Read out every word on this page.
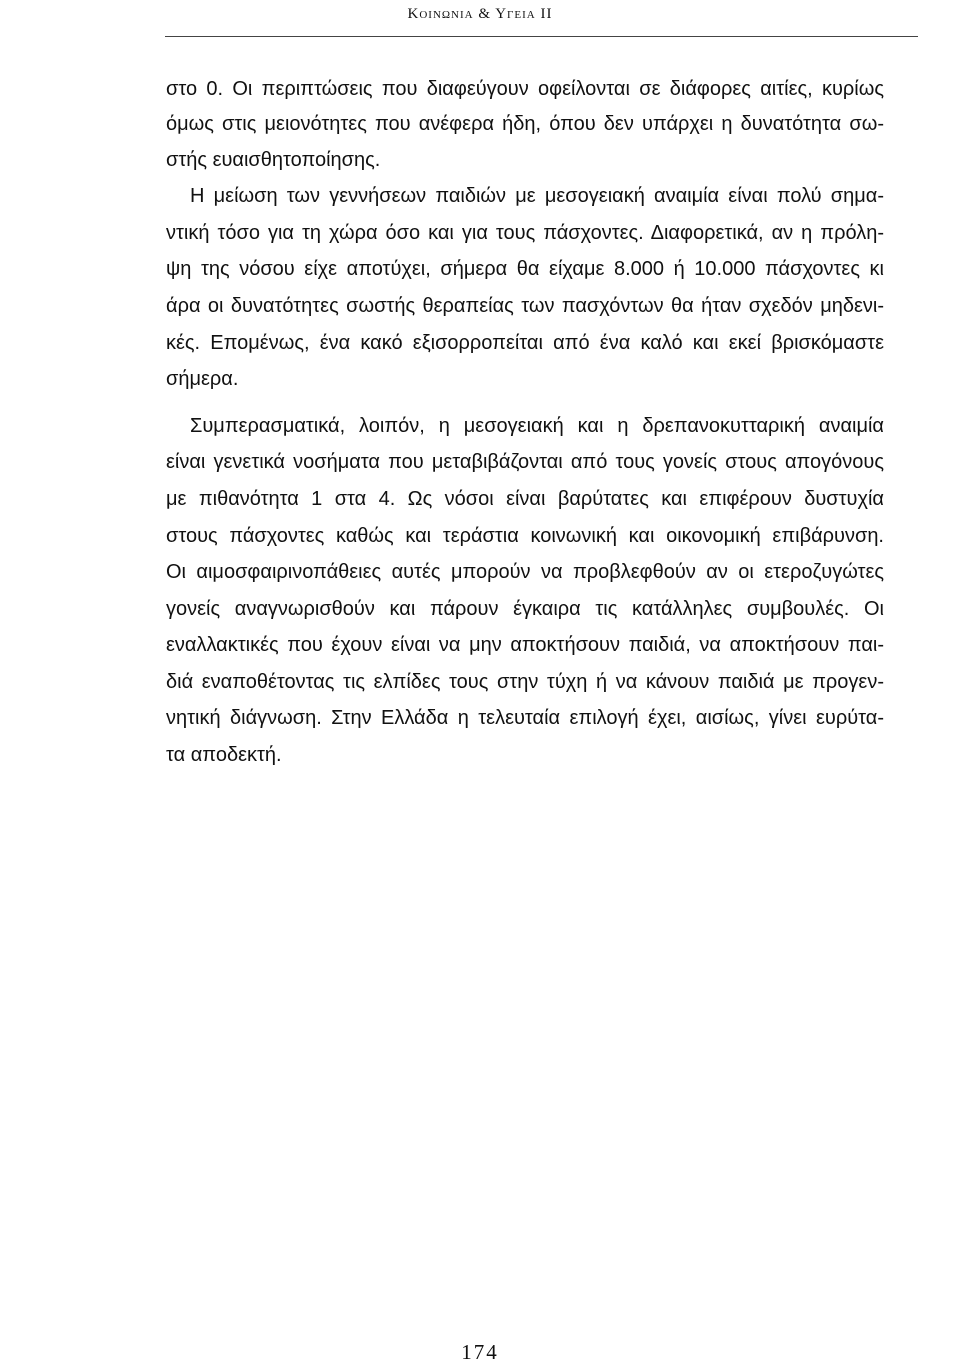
Κοινωνια & Υγεια ΙΙ
στο 0. Οι περιπτώσεις που διαφεύγουν οφείλονται σε διάφορες αιτίες, κυρίως
όμως στις μειονότητες που ανέφερα ήδη, όπου δεν υπάρχει η δυνατότητα σω-
στής ευαισθητοποίησης.
Η μείωση των γεννήσεων παιδιών με μεσογειακή αναιμία είναι πολύ σημα-
ντική τόσο για τη χώρα όσο και για τους πάσχοντες. Διαφορετικά, αν η πρόλη-
ψη της νόσου είχε αποτύχει, σήμερα θα είχαμε 8.000 ή 10.000 πάσχοντες κι
άρα οι δυνατότητες σωστής θεραπείας των πασχόντων θα ήταν σχεδόν μηδενι-
κές. Επομένως, ένα κακό εξισορροπείται από ένα καλό και εκεί βρισκόμαστε
σήμερα.
Συμπερασματικά, λοιπόν, η μεσογειακή και η δρεπανοκυτταρική αναιμία
είναι γενετικά νοσήματα που μεταβιβάζονται από τους γονείς στους απογόνους
με πιθανότητα 1 στα 4. Ως νόσοι είναι βαρύτατες και επιφέρουν δυστυχία
στους πάσχοντες καθώς και τεράστια κοινωνική και οικονομική επιβάρυνση.
Οι αιμοσφαιρινοπάθειες αυτές μπορούν να προβλεφθούν αν οι ετεροζυγώτες
γονείς αναγνωρισθούν και πάρουν έγκαιρα τις κατάλληλες συμβουλές. Οι
εναλλακτικές που έχουν είναι να μην αποκτήσουν παιδιά, να αποκτήσουν παι-
διά εναποθέτοντας τις ελπίδες τους στην τύχη ή να κάνουν παιδιά με προγεν-
νητική διάγνωση. Στην Ελλάδα η τελευταία επιλογή έχει, αισίως, γίνει ευρύτα-
τα αποδεκτή.
174
